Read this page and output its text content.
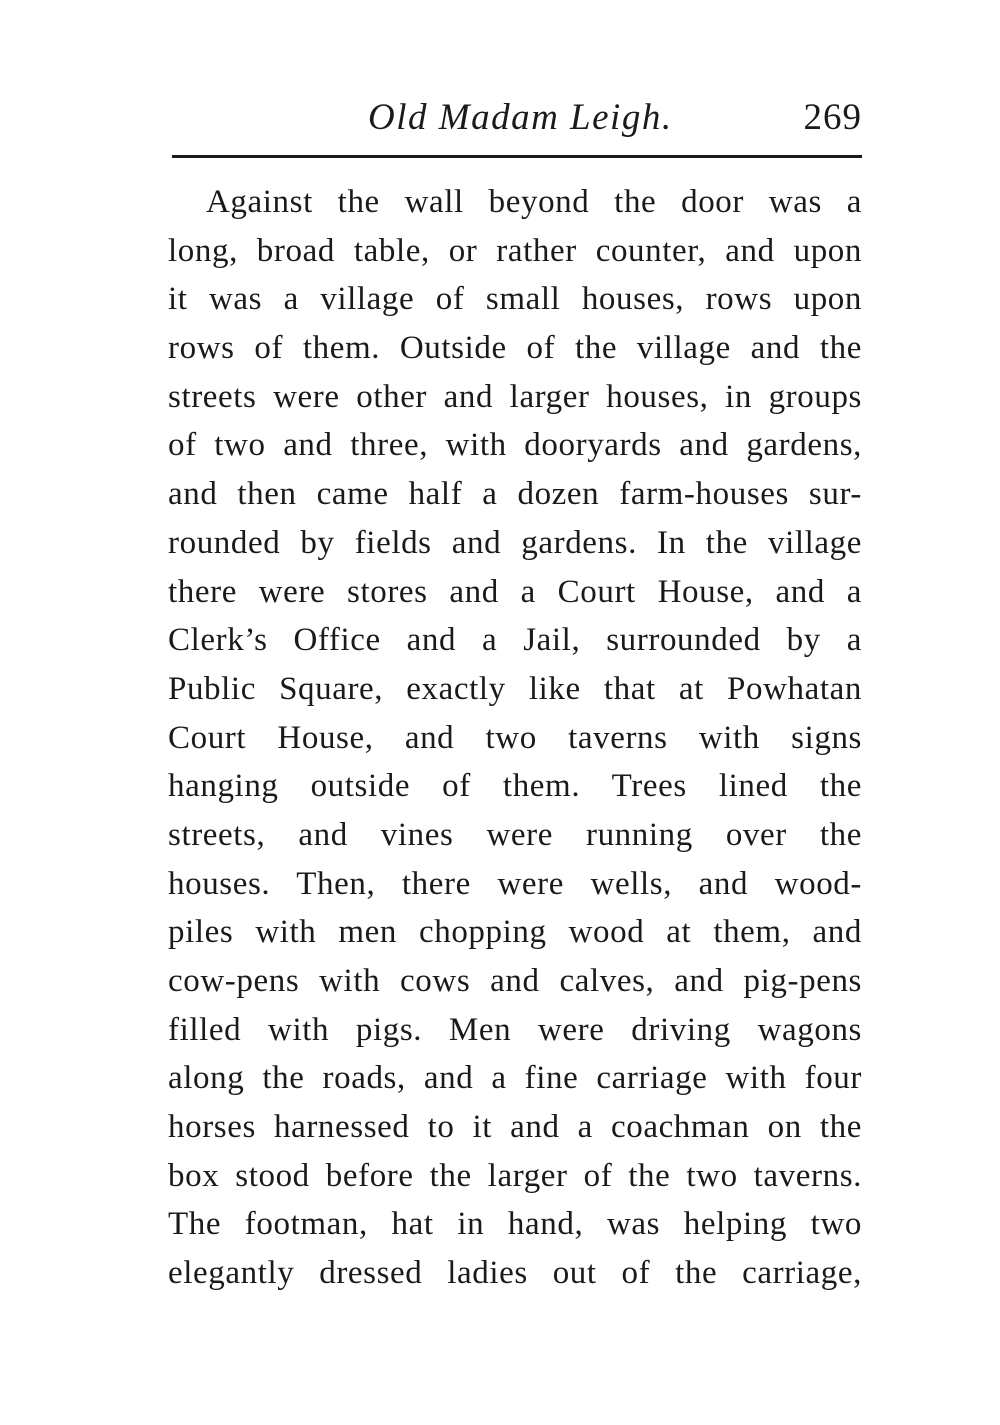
Old Madam Leigh.	269
Against the wall beyond the door was a
long, broad table, or rather counter, and upon
it was a village of small houses, rows upon
rows of them. Outside of the village and the
streets were other and larger houses, in groups
of two and three, with dooryards and gardens,
and then came half a dozen farm-houses sur-
rounded by fields and gardens. In the village
there were stores and a Court House, and a
Clerk’s Office and a Jail, surrounded by a
Public Square, exactly like that at Powhatan
Court House, and two taverns with signs
hanging outside of them. Trees lined the
streets, and vines were running over the
houses. Then, there were wells, and wood-
piles with men chopping wood at them, and
cow-pens with cows and calves, and pig-pens
filled with pigs. Men were driving wagons
along the roads, and a fine carriage with four
horses harnessed to it and a coachman on the
box stood before the larger of the two taverns.
The footman, hat in hand, was helping two
elegantly dressed ladies out of the carriage,
